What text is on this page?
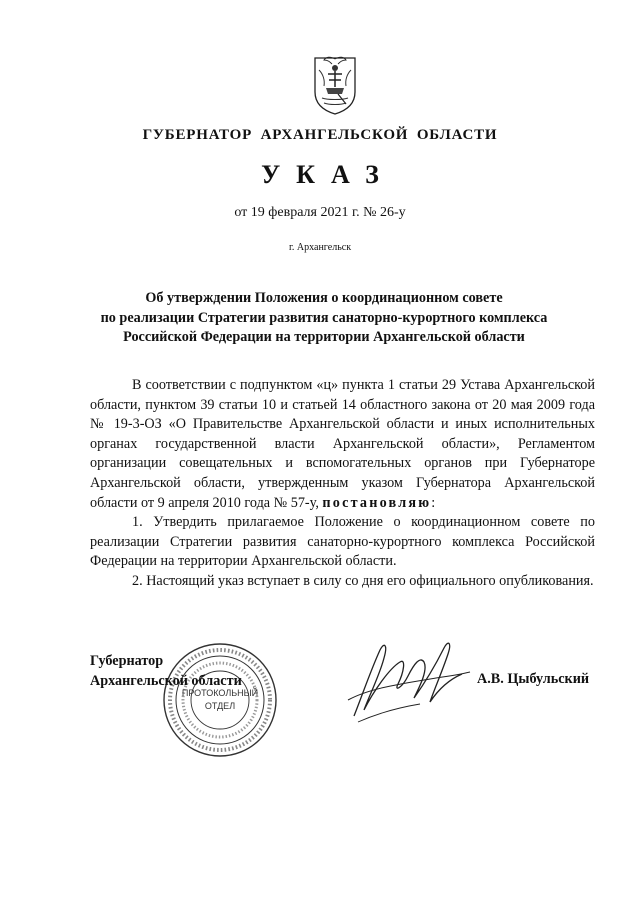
ГУБЕРНАТОР АРХАНГЕЛЬСКОЙ ОБЛАСТИ
УКАЗ
от 19 февраля 2021 г. № 26-у
г. Архангельск
Об утверждении Положения о координационном совете
по реализации Стратегии развития санаторно-курортного комплекса
Российской Федерации на территории Архангельской области

В соответствии с подпунктом «ц» пункта 1 статьи 29 Устава Архангельской области, пунктом 39 статьи 10 и статьей 14 областного закона от 20 мая 2009 года № 19-3-ОЗ «О Правительстве Архангельской области и иных исполнительных органах государственной власти Архангельской области», Регламентом организации совещательных и вспомогательных органов при Губернаторе Архангельской области, утвержденным указом Губернатора Архангельской области от 9 апреля 2010 года № 57-у, постановляю:

1. Утвердить прилагаемое Положение о координационном совете по реализации Стратегии развития санаторно-курортного комплекса Российской Федерации на территории Архангельской области.

2. Настоящий указ вступает в силу со дня его официального опубликования.

ПРОТОКОЛЬНЫЙ
ОТДЕЛ
Губернатор
Архангельской области	А.В. Цыбульский
